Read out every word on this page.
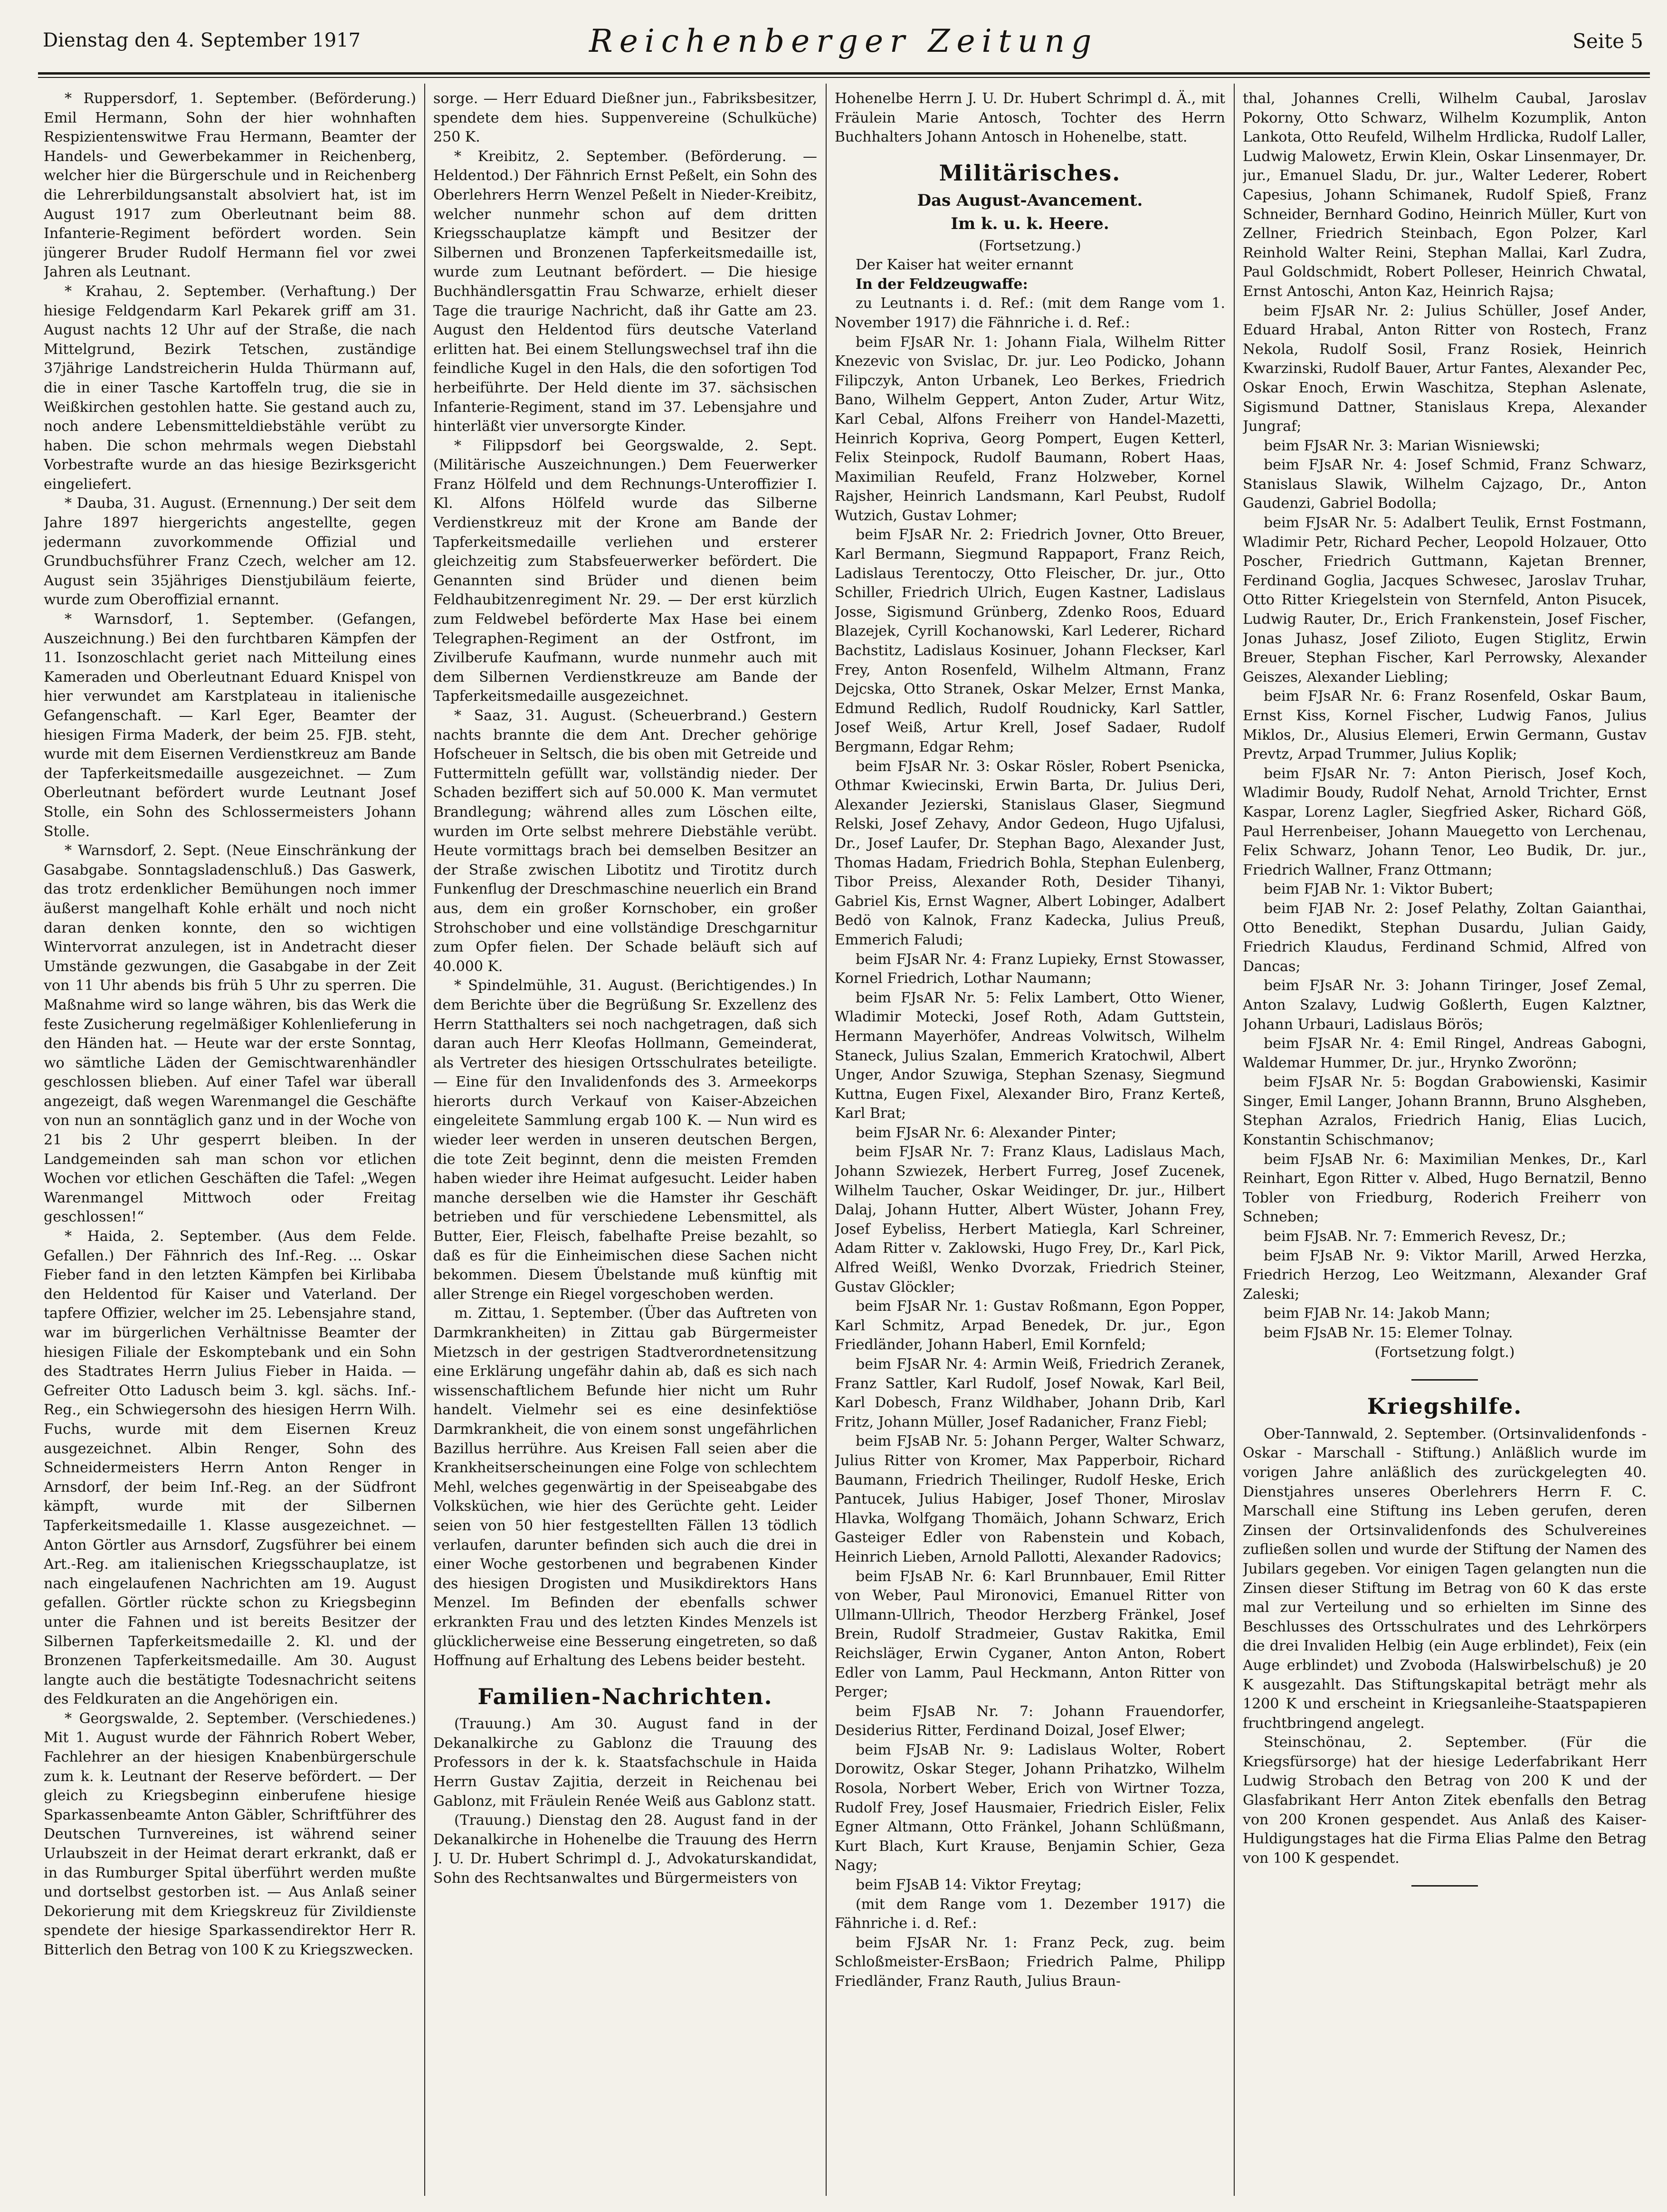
Dienstag den 4. September 1917	Reichenberger Zeitung	Seite 5

* Ruppersdorf, 1. September. (Beförderung.) Emil Hermann, Sohn der hier wohnhaften Respizientenswitwe Frau Hermann, Beamter der Handels- und Gewerbekammer in Reichenberg, welcher hier die Bürgerschule und in Reichenberg die Lehrerbildungsanstalt absolviert hat, ist im August 1917 zum Oberleutnant beim 88. Infanterie-Regiment befördert worden. Sein jüngerer Bruder Rudolf Hermann fiel vor zwei Jahren als Leutnant.

* Krahau, 2. September. (Verhaftung.) Der hiesige Feldgendarm Karl Pekarek griff am 31. August nachts 12 Uhr auf der Straße, die nach Mittelgrund, Bezirk Tetschen, zuständige 37jährige Landstreicherin Hulda Thürmann auf, die in einer Tasche Kartoffeln trug, die sie in Weißkirchen gestohlen hatte. Sie gestand auch zu, noch andere Lebensmitteldiebstähle verübt zu haben. Die schon mehrmals wegen Diebstahl Vorbestrafte wurde an das hiesige Bezirksgericht eingeliefert.

* Dauba, 31. August. (Ernennung.) Der seit dem Jahre 1897 hiergerichts angestellte, gegen jedermann zuvorkommende Offizial und Grundbuchsführer Franz Czech, welcher am 12. August sein 35jähriges Dienstjubiläum feierte, wurde zum Oberoffizial ernannt.

* Warnsdorf, 1. September. (Gefangen, Auszeichnung.) Bei den furchtbaren Kämpfen der 11. Isonzoschlacht geriet nach Mitteilung eines Kameraden und Oberleutnant Eduard Knispel von hier verwundet am Karstplateau in italienische Gefangenschaft. — Karl Eger, Beamter der hiesigen Firma Maderk, der beim 25. FJB. steht, wurde mit dem Eisernen Verdienstkreuz am Bande der Tapferkeitsmedaille ausgezeichnet. — Zum Oberleutnant befördert wurde Leutnant Josef Stolle, ein Sohn des Schlossermeisters Johann Stolle.

* Warnsdorf, 2. Sept. (Neue Einschränkung der Gasabgabe. Sonntagsladenschluß.) Das Gaswerk, das trotz erdenklicher Bemühungen noch immer äußerst mangelhaft Kohle erhält und noch nicht daran denken konnte, den so wichtigen Wintervorrat anzulegen, ist in Andetracht dieser Umstände gezwungen, die Gasabgabe in der Zeit von 11 Uhr abends bis früh 5 Uhr zu sperren. Die Maßnahme wird so lange währen, bis das Werk die feste Zusicherung regelmäßiger Kohlenlieferung in den Händen hat. — Heute war der erste Sonntag, wo sämtliche Läden der Gemischtwarenhändler geschlossen blieben. Auf einer Tafel war überall angezeigt, daß wegen Warenmangel die Geschäfte von nun an sonntäglich ganz und in der Woche von 21 bis 2 Uhr gesperrt bleiben. In der Landgemeinden sah man schon vor etlichen Wochen vor etlichen Geschäften die Tafel: „Wegen Warenmangel Mittwoch oder Freitag geschlossen!“

* Haida, 2. September. (Aus dem Felde. Gefallen.) Der Fähnrich des Inf.-Reg. ... Oskar Fieber fand in den letzten Kämpfen bei Kirlibaba den Heldentod für Kaiser und Vaterland. Der tapfere Offizier, welcher im 25. Lebensjahre stand, war im bürgerlichen Verhältnisse Beamter der hiesigen Filiale der Eskomptebank und ein Sohn des Stadtrates Herrn Julius Fieber in Haida. — Gefreiter Otto Ladusch beim 3. kgl. sächs. Inf.-Reg., ein Schwiegersohn des hiesigen Herrn Wilh. Fuchs, wurde mit dem Eisernen Kreuz ausgezeichnet. Albin Renger, Sohn des Schneidermeisters Herrn Anton Renger in Arnsdorf, der beim Inf.-Reg. an der Südfront kämpft, wurde mit der Silbernen Tapferkeitsmedaille 1. Klasse ausgezeichnet. — Anton Görtler aus Arnsdorf, Zugsführer bei einem Art.-Reg. am italienischen Kriegsschauplatze, ist nach eingelaufenen Nachrichten am 19. August gefallen. Görtler rückte schon zu Kriegsbeginn unter die Fahnen und ist bereits Besitzer der Silbernen Tapferkeitsmedaille 2. Kl. und der Bronzenen Tapferkeitsmedaille. Am 30. August langte auch die bestätigte Todesnachricht seitens des Feldkuraten an die Angehörigen ein.

* Georgswalde, 2. September. (Verschiedenes.) Mit 1. August wurde der Fähnrich Robert Weber, Fachlehrer an der hiesigen Knabenbürgerschule zum k. k. Leutnant der Reserve befördert. — Der gleich zu Kriegsbeginn einberufene hiesige Sparkassenbeamte Anton Gäbler, Schriftführer des Deutschen Turnvereines, ist während seiner Urlaubszeit in der Heimat derart erkrankt, daß er in das Rumburger Spital überführt werden mußte und dortselbst gestorben ist. — Aus Anlaß seiner Dekorierung mit dem Kriegskreuz für Zivildienste spendete der hiesige Sparkassendirektor Herr R. Bitterlich den Betrag von 100 K zu Kriegszwecken.

sorge. — Herr Eduard Dießner jun., Fabriksbesitzer, spendete dem hies. Suppenvereine (Schulküche) 250 K.

* Kreibitz, 2. September. (Beförderung. — Heldentod.) Der Fähnrich Ernst Peßelt, ein Sohn des Oberlehrers Herrn Wenzel Peßelt in Nieder-Kreibitz, welcher nunmehr schon auf dem dritten Kriegsschauplatze kämpft und Besitzer der Silbernen und Bronzenen Tapferkeitsmedaille ist, wurde zum Leutnant befördert. — Die hiesige Buchhändlersgattin Frau Schwarze, erhielt dieser Tage die traurige Nachricht, daß ihr Gatte am 23. August den Heldentod fürs deutsche Vaterland erlitten hat. Bei einem Stellungswechsel traf ihn die feindliche Kugel in den Hals, die den sofortigen Tod herbeiführte. Der Held diente im 37. sächsischen Infanterie-Regiment, stand im 37. Lebensjahre und hinterläßt vier unversorgte Kinder.

* Filippsdorf bei Georgswalde, 2. Sept. (Militärische Auszeichnungen.) Dem Feuerwerker Franz Hölfeld und dem Rechnungs-Unteroffizier I. Kl. Alfons Hölfeld wurde das Silberne Verdienstkreuz mit der Krone am Bande der Tapferkeitsmedaille verliehen und ersterer gleichzeitig zum Stabsfeuerwerker befördert. Die Genannten sind Brüder und dienen beim Feldhaubitzenregiment Nr. 29. — Der erst kürzlich zum Feldwebel beförderte Max Hase bei einem Telegraphen-Regiment an der Ostfront, im Zivilberufe Kaufmann, wurde nunmehr auch mit dem Silbernen Verdienstkreuze am Bande der Tapferkeitsmedaille ausgezeichnet.

* Saaz, 31. August. (Scheuerbrand.) Gestern nachts brannte die dem Ant. Drecher gehörige Hofscheuer in Seltsch, die bis oben mit Getreide und Futtermitteln gefüllt war, vollständig nieder. Der Schaden beziffert sich auf 50.000 K. Man vermutet Brandlegung; während alles zum Löschen eilte, wurden im Orte selbst mehrere Diebstähle verübt. Heute vormittags brach bei demselben Besitzer an der Straße zwischen Libotitz und Tirotitz durch Funkenflug der Dreschmaschine neuerlich ein Brand aus, dem ein großer Kornschober, ein großer Strohschober und eine vollständige Dreschgarnitur zum Opfer fielen. Der Schade beläuft sich auf 40.000 K.

* Spindelmühle, 31. August. (Berichtigendes.) In dem Berichte über die Begrüßung Sr. Exzellenz des Herrn Statthalters sei noch nachgetragen, daß sich daran auch Herr Kleofas Hollmann, Gemeinderat, als Vertreter des hiesigen Ortsschulrates beteiligte. — Eine für den Invalidenfonds des 3. Armeekorps hierorts durch Verkauf von Kaiser-Abzeichen eingeleitete Sammlung ergab 100 K. — Nun wird es wieder leer werden in unseren deutschen Bergen, die tote Zeit beginnt, denn die meisten Fremden haben wieder ihre Heimat aufgesucht. Leider haben manche derselben wie die Hamster ihr Geschäft betrieben und für verschiedene Lebensmittel, als Butter, Eier, Fleisch, fabelhafte Preise bezahlt, so daß es für die Einheimischen diese Sachen nicht bekommen. Diesem Übelstande muß künftig mit aller Strenge ein Riegel vorgeschoben werden.

m. Zittau, 1. September. (Über das Auftreten von Darmkrankheiten) in Zittau gab Bürgermeister Mietzsch in der gestrigen Stadtverordnetensitzung eine Erklärung ungefähr dahin ab, daß es sich nach wissenschaftlichem Befunde hier nicht um Ruhr handelt. Vielmehr sei es eine desinfektiöse Darmkrankheit, die von einem sonst ungefährlichen Bazillus herrühre. Aus Kreisen Fall seien aber die Krankheitserscheinungen eine Folge von schlechtem Mehl, welches gegenwärtig in der Speiseabgabe des Volksküchen, wie hier des Gerüchte geht. Leider seien von 50 hier festgestellten Fällen 13 tödlich verlaufen, darunter befinden sich auch die drei in einer Woche gestorbenen und begrabenen Kinder des hiesigen Drogisten und Musikdirektors Hans Menzel. Im Befinden der ebenfalls schwer erkrankten Frau und des letzten Kindes Menzels ist glücklicherweise eine Besserung eingetreten, so daß Hoffnung auf Erhaltung des Lebens beider besteht.

Familien-Nachrichten.

(Trauung.) Am 30. August fand in der Dekanalkirche zu Gablonz die Trauung des Professors in der k. k. Staatsfachschule in Haida Herrn Gustav Zajitia, derzeit in Reichenau bei Gablonz, mit Fräulein Renée Weiß aus Gablonz statt.

(Trauung.) Dienstag den 28. August fand in der Dekanalkirche in Hohenelbe die Trauung des Herrn J. U. Dr. Hubert Schrimpl d. J., Advokaturskandidat, Sohn des Rechtsanwaltes und Bürgermeisters von

Hohenelbe Herrn J. U. Dr. Hubert Schrimpl d. Ä., mit Fräulein Marie Antosch, Tochter des Herrn Buchhalters Johann Antosch in Hohenelbe, statt.

Militärisches.
Das August-Avancement.
Im k. u. k. Heere.

(Fortsetzung.)

Der Kaiser hat weiter ernannt

In der Feldzeugwaffe:

zu Leutnants i. d. Ref.: (mit dem Range vom 1. November 1917) die Fähnriche i. d. Ref.:

beim FJsAR Nr. 1: Johann Fiala, Wilhelm Ritter Knezevic von Svislac, Dr. jur. Leo Podicko, Johann Filipczyk, Anton Urbanek, Leo Berkes, Friedrich Bano, Wilhelm Geppert, Anton Zuder, Artur Witz, Karl Cebal, Alfons Freiherr von Handel-Mazetti, Heinrich Kopriva, Georg Pompert, Eugen Ketterl, Felix Steinpock, Rudolf Baumann, Robert Haas, Maximilian Reufeld, Franz Holzweber, Kornel Rajsher, Heinrich Landsmann, Karl Peubst, Rudolf Wutzich, Gustav Lohmer;

beim FJsAR Nr. 2: Friedrich Jovner, Otto Breuer, Karl Bermann, Siegmund Rappaport, Franz Reich, Ladislaus Terentoczy, Otto Fleischer, Dr. jur., Otto Schiller, Friedrich Ulrich, Eugen Kastner, Ladislaus Josse, Sigismund Grünberg, Zdenko Roos, Eduard Blazejek, Cyrill Kochanowski, Karl Lederer, Richard Bachstitz, Ladislaus Kosinuer, Johann Fleckser, Karl Frey, Anton Rosenfeld, Wilhelm Altmann, Franz Dejcska, Otto Stranek, Oskar Melzer, Ernst Manka, Edmund Redlich, Rudolf Roudnicky, Karl Sattler, Josef Weiß, Artur Krell, Josef Sadaer, Rudolf Bergmann, Edgar Rehm;

beim FJsAR Nr. 3: Oskar Rösler, Robert Psenicka, Othmar Kwiecinski, Erwin Barta, Dr. Julius Deri, Alexander Jezierski, Stanislaus Glaser, Siegmund Relski, Josef Zehavy, Andor Gedeon, Hugo Ujfalusi, Dr., Josef Laufer, Dr. Stephan Bago, Alexander Just, Thomas Hadam, Friedrich Bohla, Stephan Eulenberg, Tibor Preiss, Alexander Roth, Desider Tihanyi, Gabriel Kis, Ernst Wagner, Albert Lobinger, Adalbert Bedö von Kalnok, Franz Kadecka, Julius Preuß, Emmerich Faludi;

beim FJsAR Nr. 4: Franz Lupieky, Ernst Stowasser, Kornel Friedrich, Lothar Naumann;

beim FJsAR Nr. 5: Felix Lambert, Otto Wiener, Wladimir Motecki, Josef Roth, Adam Guttstein, Hermann Mayerhöfer, Andreas Volwitsch, Wilhelm Staneck, Julius Szalan, Emmerich Kratochwil, Albert Unger, Andor Szuwiga, Stephan Szenasy, Siegmund Kuttna, Eugen Fixel, Alexander Biro, Franz Kerteß, Karl Brat;

beim FJsAR Nr. 6: Alexander Pinter;

beim FJsAR Nr. 7: Franz Klaus, Ladislaus Mach, Johann Szwiezek, Herbert Furreg, Josef Zucenek, Wilhelm Taucher, Oskar Weidinger, Dr. jur., Hilbert Dalaj, Johann Hutter, Albert Wüster, Johann Frey, Josef Eybeliss, Herbert Matiegla, Karl Schreiner, Adam Ritter v. Zaklowski, Hugo Frey, Dr., Karl Pick, Alfred Weißl, Wenko Dvorzak, Friedrich Steiner, Gustav Glöckler;

beim FJsAR Nr. 1: Gustav Roßmann, Egon Popper, Karl Schmitz, Arpad Benedek, Dr. jur., Egon Friedländer, Johann Haberl, Emil Kornfeld;

beim FJsAR Nr. 4: Armin Weiß, Friedrich Zeranek, Franz Sattler, Karl Rudolf, Josef Nowak, Karl Beil, Karl Dobesch, Franz Wildhaber, Johann Drib, Karl Fritz, Johann Müller, Josef Radanicher, Franz Fiebl;

beim FJsAB Nr. 5: Johann Perger, Walter Schwarz, Julius Ritter von Kromer, Max Papperboir, Richard Baumann, Friedrich Theilinger, Rudolf Heske, Erich Pantucek, Julius Habiger, Josef Thoner, Miroslav Hlavka, Wolfgang Thomäich, Johann Schwarz, Erich Gasteiger Edler von Rabenstein und Kobach, Heinrich Lieben, Arnold Pallotti, Alexander Radovics;

beim FJsAB Nr. 6: Karl Brunnbauer, Emil Ritter von Weber, Paul Mironovici, Emanuel Ritter von Ullmann-Ullrich, Theodor Herzberg Fränkel, Josef Brein, Rudolf Stradmeier, Gustav Rakitka, Emil Reichsläger, Erwin Cyganer, Anton Anton, Robert Edler von Lamm, Paul Heckmann, Anton Ritter von Perger;

beim FJsAB Nr. 7: Johann Frauendorfer, Desiderius Ritter, Ferdinand Doizal, Josef Elwer;

beim FJsAB Nr. 9: Ladislaus Wolter, Robert Dorowitz, Oskar Steger, Johann Prihatzko, Wilhelm Rosola, Norbert Weber, Erich von Wirtner Tozza, Rudolf Frey, Josef Hausmaier, Friedrich Eisler, Felix Egner Altmann, Otto Fränkel, Johann Schlüßmann, Kurt Blach, Kurt Krause, Benjamin Schier, Geza Nagy;

beim FJsAB 14: Viktor Freytag;

(mit dem Range vom 1. Dezember 1917) die Fähnriche i. d. Ref.:

beim FJsAR Nr. 1: Franz Peck, zug. beim Schloßmeister-ErsBaon; Friedrich Palme, Philipp Friedländer, Franz Rauth, Julius Braun-

thal, Johannes Crelli, Wilhelm Caubal, Jaroslav Pokorny, Otto Schwarz, Wilhelm Kozumplik, Anton Lankota, Otto Reufeld, Wilhelm Hrdlicka, Rudolf Laller, Ludwig Malowetz, Erwin Klein, Oskar Linsenmayer, Dr. jur., Emanuel Sladu, Dr. jur., Walter Lederer, Robert Capesius, Johann Schimanek, Rudolf Spieß, Franz Schneider, Bernhard Godino, Heinrich Müller, Kurt von Zellner, Friedrich Steinbach, Egon Polzer, Karl Reinhold Walter Reini, Stephan Mallai, Karl Zudra, Paul Goldschmidt, Robert Polleser, Heinrich Chwatal, Ernst Antoschi, Anton Kaz, Heinrich Rajsa;

beim FJsAR Nr. 2: Julius Schüller, Josef Ander, Eduard Hrabal, Anton Ritter von Rostech, Franz Nekola, Rudolf Sosil, Franz Rosiek, Heinrich Kwarzinski, Rudolf Bauer, Artur Fantes, Alexander Pec, Oskar Enoch, Erwin Waschitza, Stephan Aslenate, Sigismund Dattner, Stanislaus Krepa, Alexander Jungraf;

beim FJsAR Nr. 3: Marian Wisniewski;

beim FJsAR Nr. 4: Josef Schmid, Franz Schwarz, Stanislaus Slawik, Wilhelm Cajzago, Dr., Anton Gaudenzi, Gabriel Bodolla;

beim FJsAR Nr. 5: Adalbert Teulik, Ernst Fostmann, Wladimir Petr, Richard Pecher, Leopold Holzauer, Otto Poscher, Friedrich Guttmann, Kajetan Brenner, Ferdinand Goglia, Jacques Schwesec, Jaroslav Truhar, Otto Ritter Kriegelstein von Sternfeld, Anton Pisucek, Ludwig Rauter, Dr., Erich Frankenstein, Josef Fischer, Jonas Juhasz, Josef Zilioto, Eugen Stiglitz, Erwin Breuer, Stephan Fischer, Karl Perrowsky, Alexander Geiszes, Alexander Liebling;

beim FJsAR Nr. 6: Franz Rosenfeld, Oskar Baum, Ernst Kiss, Kornel Fischer, Ludwig Fanos, Julius Miklos, Dr., Alusius Elemeri, Erwin Germann, Gustav Prevtz, Arpad Trummer, Julius Koplik;

beim FJsAR Nr. 7: Anton Pierisch, Josef Koch, Wladimir Boudy, Rudolf Nehat, Arnold Trichter, Ernst Kaspar, Lorenz Lagler, Siegfried Asker, Richard Göß, Paul Herrenbeiser, Johann Mauegetto von Lerchenau, Felix Schwarz, Johann Tenor, Leo Budik, Dr. jur., Friedrich Wallner, Franz Ottmann;

beim FJAB Nr. 1: Viktor Bubert;

beim FJAB Nr. 2: Josef Pelathy, Zoltan Gaianthai, Otto Benedikt, Stephan Dusardu, Julian Gaidy, Friedrich Klaudus, Ferdinand Schmid, Alfred von Dancas;

beim FJsAR Nr. 3: Johann Tiringer, Josef Zemal, Anton Szalavy, Ludwig Goßlerth, Eugen Kalztner, Johann Urbauri, Ladislaus Börös;

beim FJsAR Nr. 4: Emil Ringel, Andreas Gabogni, Waldemar Hummer, Dr. jur., Hrynko Zworönn;

beim FJsAR Nr. 5: Bogdan Grabowienski, Kasimir Singer, Emil Langer, Johann Brannn, Bruno Alsgheben, Stephan Azralos, Friedrich Hanig, Elias Lucich, Konstantin Schischmanov;

beim FJsAB Nr. 6: Maximilian Menkes, Dr., Karl Reinhart, Egon Ritter v. Albed, Hugo Bernatzil, Benno Tobler von Friedburg, Roderich Freiherr von Schneben;

beim FJsAB. Nr. 7: Emmerich Revesz, Dr.;

beim FJsAB Nr. 9: Viktor Marill, Arwed Herzka, Friedrich Herzog, Leo Weitzmann, Alexander Graf Zaleski;

beim FJAB Nr. 14: Jakob Mann;

beim FJsAB Nr. 15: Elemer Tolnay.

(Fortsetzung folgt.)

Kriegshilfe.

Ober-Tannwald, 2. September. (Ortsinvalidenfonds - Oskar - Marschall - Stiftung.) Anläßlich wurde im vorigen Jahre anläßlich des zurückgelegten 40. Dienstjahres unseres Oberlehrers Herrn F. C. Marschall eine Stiftung ins Leben gerufen, deren Zinsen der Ortsinvalidenfonds des Schulvereines zufließen sollen und wurde der Stiftung der Namen des Jubilars gegeben. Vor einigen Tagen gelangten nun die Zinsen dieser Stiftung im Betrag von 60 K das erste mal zur Verteilung und so erhielten im Sinne des Beschlusses des Ortsschulrates und des Lehrkörpers die drei Invaliden Helbig (ein Auge erblindet), Feix (ein Auge erblindet) und Zvoboda (Halswirbelschuß) je 20 K ausgezahlt. Das Stiftungskapital beträgt mehr als 1200 K und erscheint in Kriegsanleihe-Staatspapieren fruchtbringend angelegt.

Steinschönau, 2. September. (Für die Kriegsfürsorge) hat der hiesige Lederfabrikant Herr Ludwig Strobach den Betrag von 200 K und der Glasfabrikant Herr Anton Zitek ebenfalls den Betrag von 200 Kronen gespendet. Aus Anlaß des Kaiser-Huldigungstages hat die Firma Elias Palme den Betrag von 100 K gespendet.
